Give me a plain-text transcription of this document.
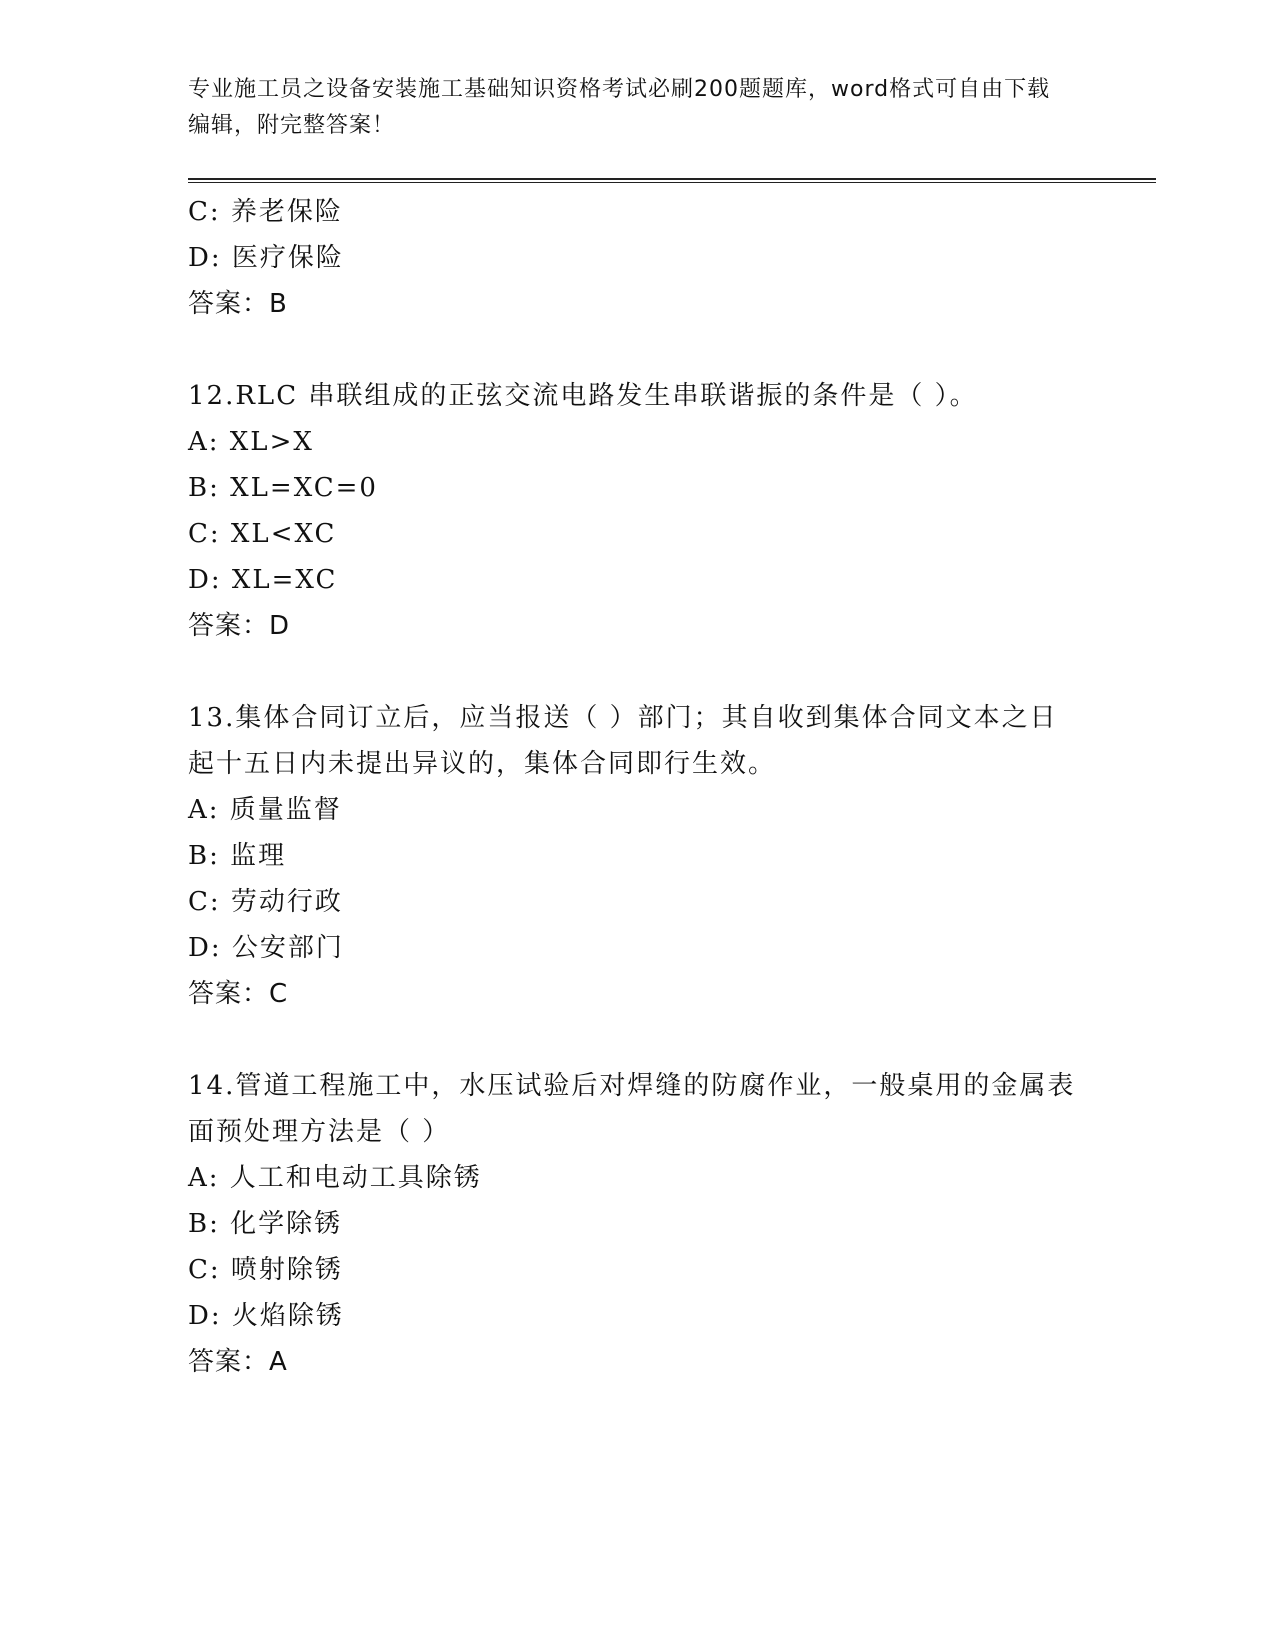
专业施工员之设备安装施工基础知识资格考试必刷200题题库，word格式可自由下载编辑，附完整答案！
C: 养老保险
D: 医疗保险
答案：B
12.RLC 串联组成的正弦交流电路发生串联谐振的条件是（ ）。
A: XL>X
B: XL=XC=0
C: XL<XC
D: XL=XC
答案：D
13.集体合同订立后，应当报送（ ）部门；其自收到集体合同文本之日起十五日内未提出异议的，集体合同即行生效。
A: 质量监督
B: 监理
C: 劳动行政
D: 公安部门
答案：C
14.管道工程施工中，水压试验后对焊缝的防腐作业，一般桌用的金属表面预处理方法是（ ）
A: 人工和电动工具除锈
B: 化学除锈
C: 喷射除锈
D: 火焰除锈
答案：A
